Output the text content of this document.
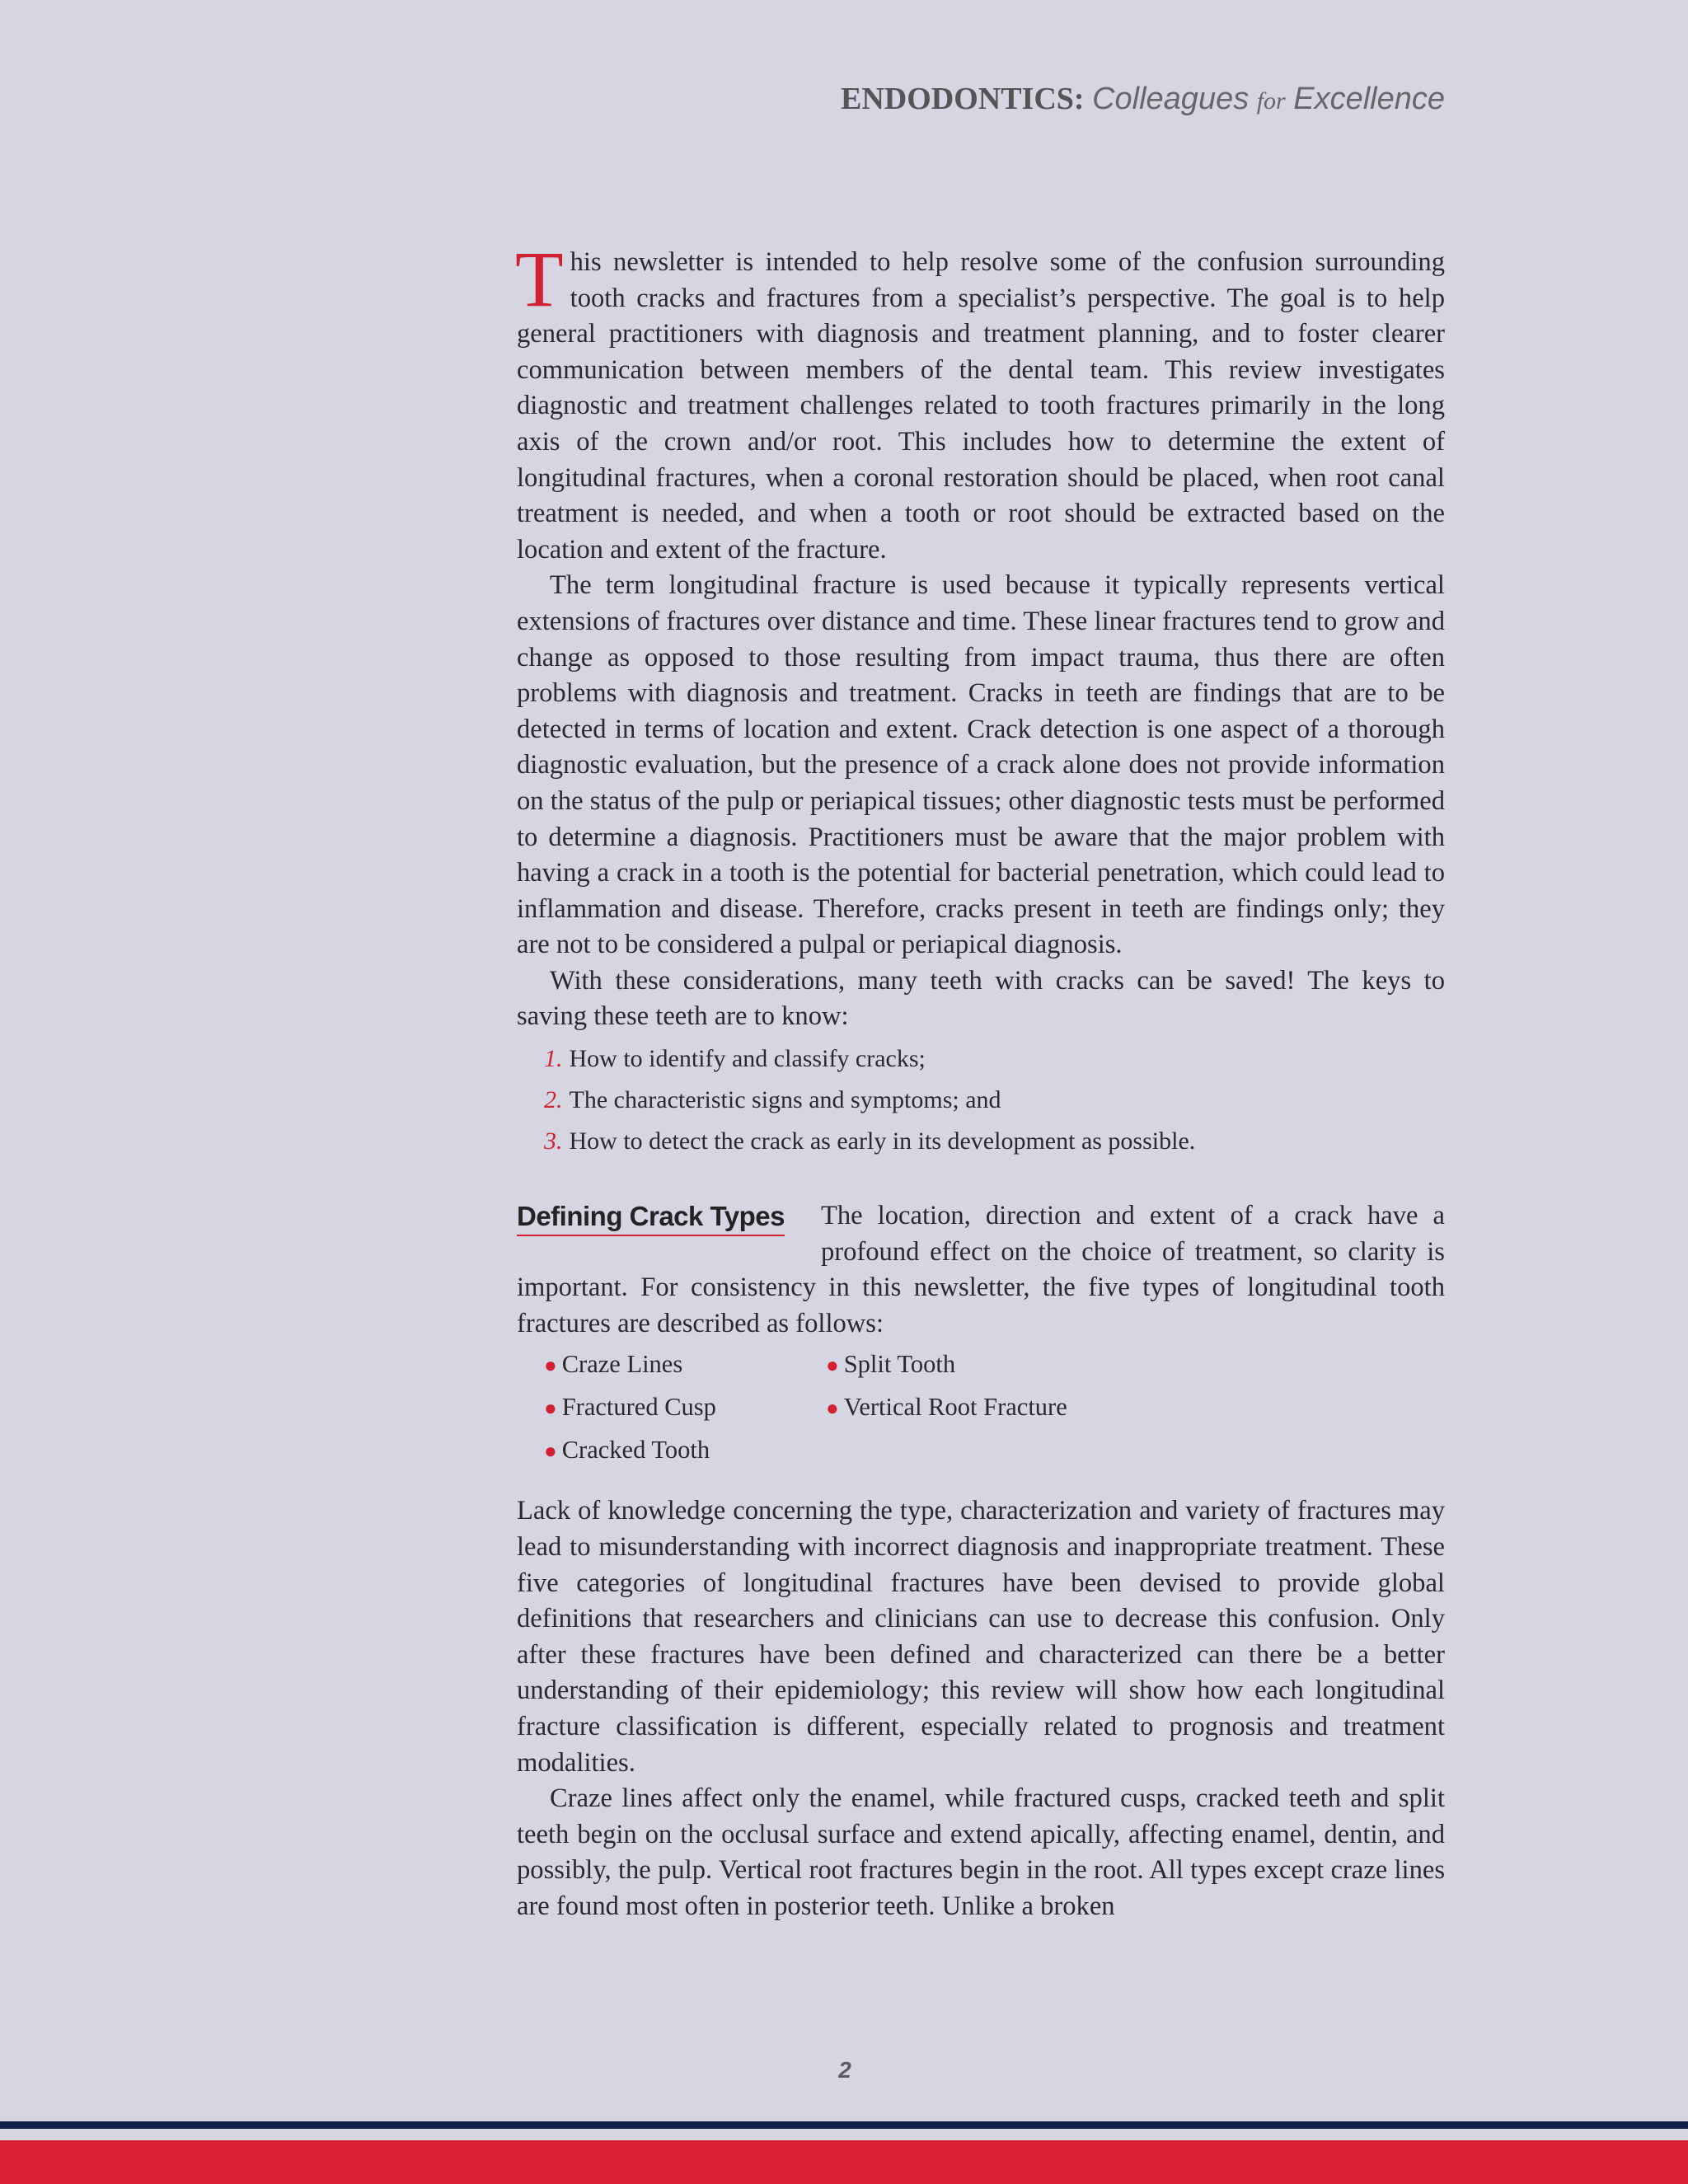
ENDODONTICS: Colleagues for Excellence

This newsletter is intended to help resolve some of the confusion surrounding tooth cracks and fractures from a specialist’s perspective. The goal is to help general practitioners with diagnosis and treatment planning, and to foster clearer communication between members of the dental team. This review investigates diagnostic and treatment challenges related to tooth fractures primarily in the long axis of the crown and/or root. This includes how to determine the extent of longitudinal fractures, when a coronal restoration should be placed, when root canal treatment is needed, and when a tooth or root should be extracted based on the location and extent of the fracture.

The term longitudinal fracture is used because it typically represents vertical extensions of fractures over distance and time. These linear fractures tend to grow and change as opposed to those resulting from impact trauma, thus there are often problems with diagnosis and treatment. Cracks in teeth are findings that are to be detected in terms of location and extent. Crack detection is one aspect of a thorough diagnostic evaluation, but the presence of a crack alone does not provide information on the status of the pulp or periapical tissues; other diagnostic tests must be performed to determine a diagnosis. Practitioners must be aware that the major problem with having a crack in a tooth is the potential for bacterial penetration, which could lead to inflammation and disease. Therefore, cracks present in teeth are findings only; they are not to be considered a pulpal or periapical diagnosis.

With these considerations, many teeth with cracks can be saved! The keys to saving these teeth are to know:

1. How to identify and classify cracks;
2. The characteristic signs and symptoms; and
3. How to detect the crack as early in its development as possible.

Defining Crack Types The location, direction and extent of a crack have a profound effect on the choice of treatment, so clarity is important. For consistency in this newsletter, the five types of longitudinal tooth fractures are described as follows:

● Craze Lines	● Split Tooth
● Fractured Cusp	● Vertical Root Fracture
● Cracked Tooth

Lack of knowledge concerning the type, characterization and variety of fractures may lead to misunderstanding with incorrect diagnosis and inappropriate treatment. These five categories of longitudinal fractures have been devised to provide global definitions that researchers and clinicians can use to decrease this confusion. Only after these fractures have been defined and characterized can there be a better understanding of their epidemiology; this review will show how each longitudinal fracture classification is different, especially related to prognosis and treatment modalities.

Craze lines affect only the enamel, while fractured cusps, cracked teeth and split teeth begin on the occlusal surface and extend apically, affecting enamel, dentin, and possibly, the pulp. Vertical root fractures begin in the root. All types except craze lines are found most often in posterior teeth. Unlike a broken

2
